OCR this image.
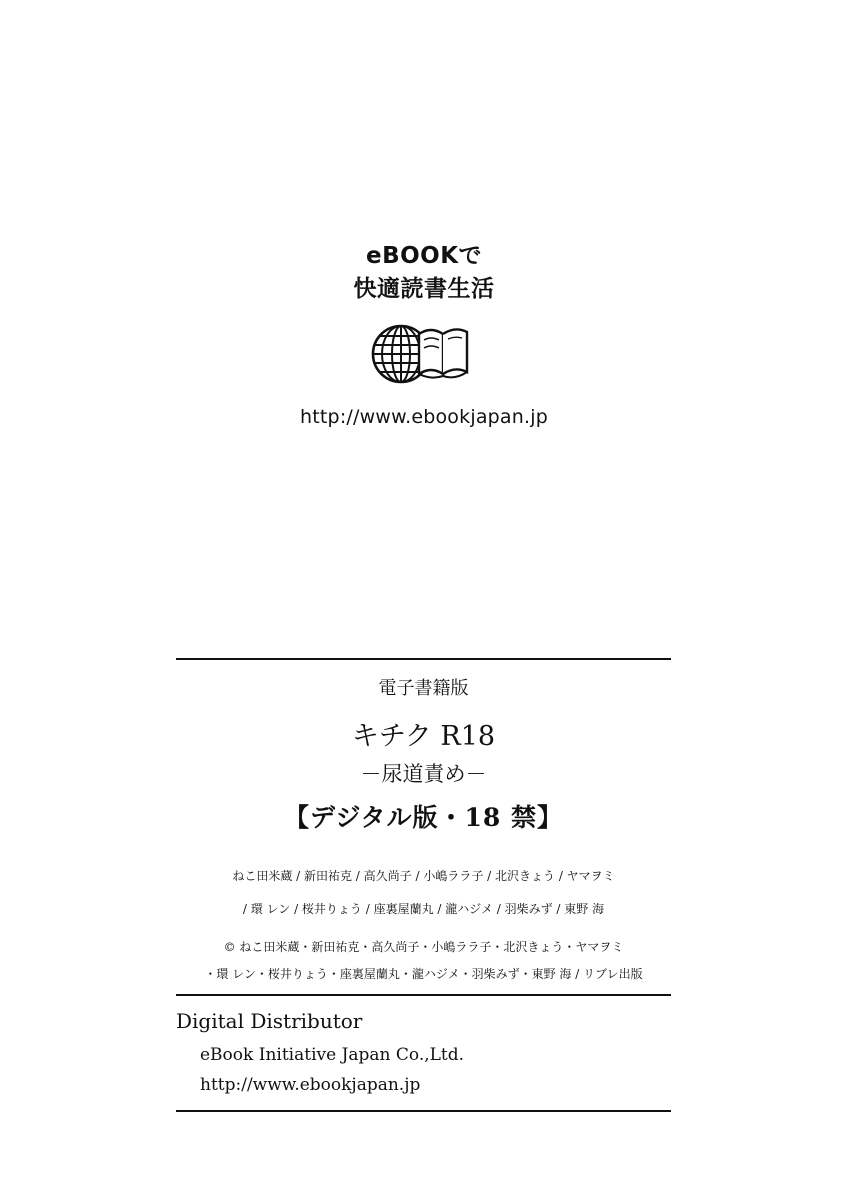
eBOOKで
快適読書生活
http://www.ebookjapan.jp
電子書籍版
キチク R18
－尿道責め－
【デジタル版・18 禁】
ねこ田米蔵 / 新田祐克 / 高久尚子 / 小嶋ララ子 / 北沢きょう / ヤマヲミ
/ 環 レン / 桜井りょう / 座裏屋蘭丸 / 瀧ハジメ / 羽柴みず / 東野 海
© ねこ田米蔵・新田祐克・高久尚子・小嶋ララ子・北沢きょう・ヤマヲミ
・環 レン・桜井りょう・座裏屋蘭丸・瀧ハジメ・羽柴みず・東野 海 / リブレ出版
Digital Distributor
eBook Initiative Japan Co.,Ltd.
http://www.ebookjapan.jp
